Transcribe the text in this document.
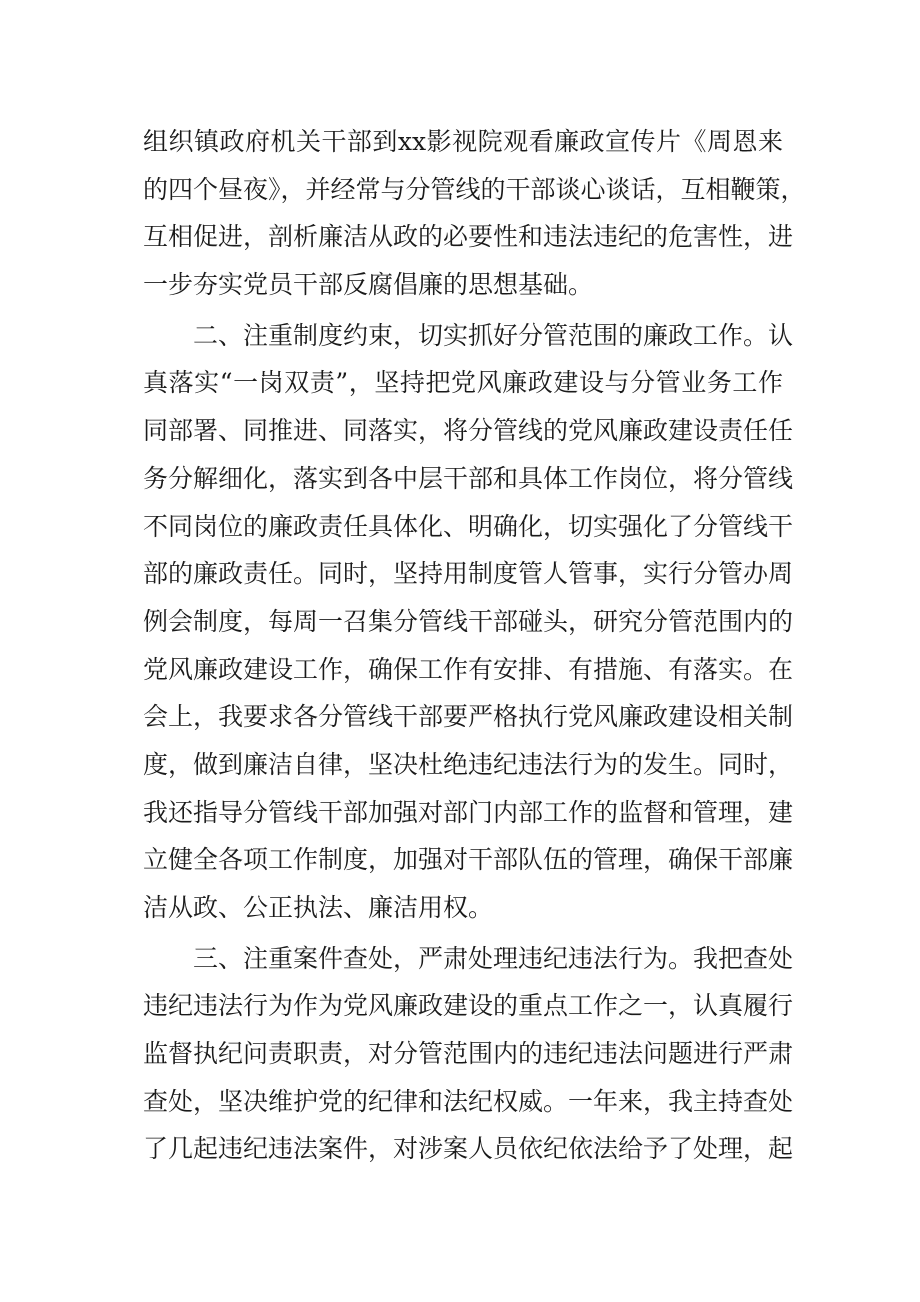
组织镇政府机关干部到xx影视院观看廉政宣传片《周恩来
的四个昼夜》，并经常与分管线的干部谈心谈话，互相鞭策，
互相促进，剖析廉洁从政的必要性和违法违纪的危害性，进
一步夯实党员干部反腐倡廉的思想基础。
二、注重制度约束，切实抓好分管范围的廉政工作。认
真落实“一岗双责”，坚持把党风廉政建设与分管业务工作
同部署、同推进、同落实，将分管线的党风廉政建设责任任
务分解细化，落实到各中层干部和具体工作岗位，将分管线
不同岗位的廉政责任具体化、明确化，切实强化了分管线干
部的廉政责任。同时，坚持用制度管人管事，实行分管办周
例会制度，每周一召集分管线干部碰头，研究分管范围内的
党风廉政建设工作，确保工作有安排、有措施、有落实。在
会上，我要求各分管线干部要严格执行党风廉政建设相关制
度，做到廉洁自律，坚决杜绝违纪违法行为的发生。同时，
我还指导分管线干部加强对部门内部工作的监督和管理，建
立健全各项工作制度，加强对干部队伍的管理，确保干部廉
洁从政、公正执法、廉洁用权。
三、注重案件查处，严肃处理违纪违法行为。我把查处
违纪违法行为作为党风廉政建设的重点工作之一，认真履行
监督执纪问责职责，对分管范围内的违纪违法问题进行严肃
查处，坚决维护党的纪律和法纪权威。一年来，我主持查处
了几起违纪违法案件，对涉案人员依纪依法给予了处理，起
